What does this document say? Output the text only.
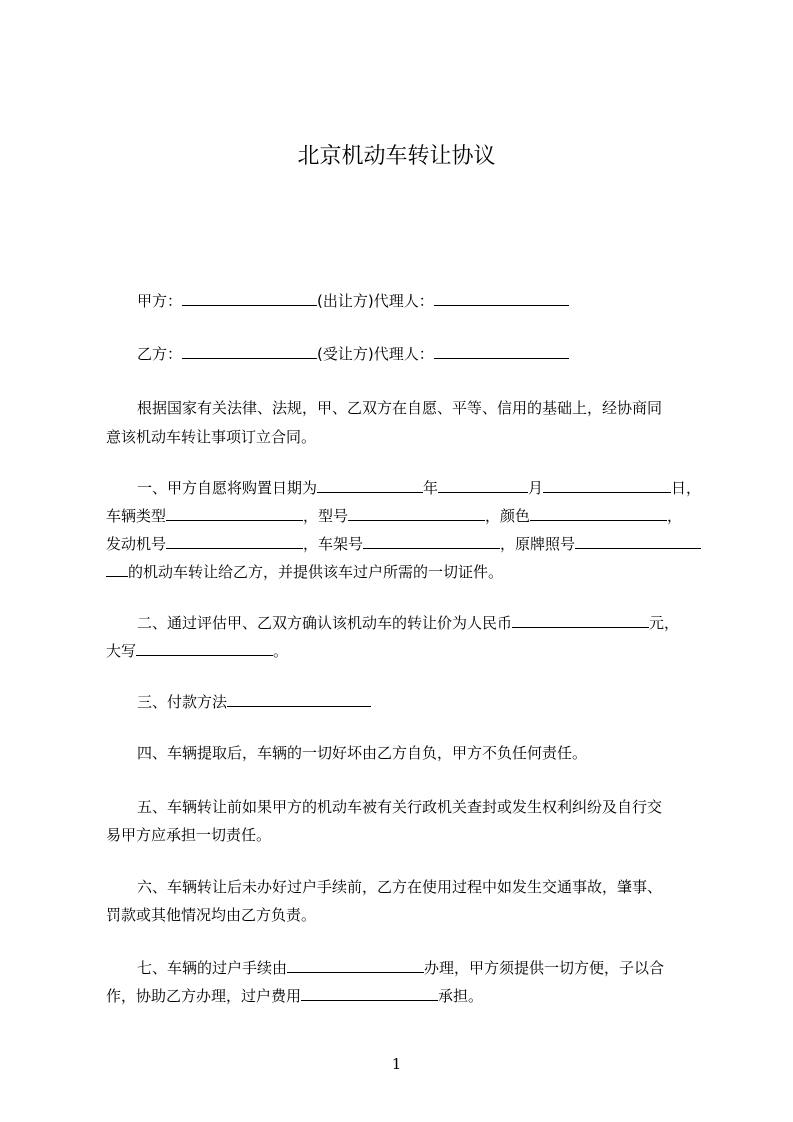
北京机动车转让协议
甲方：	(出让方)代理人：
乙方：	(受让方)代理人：
根据国家有关法律、法规，甲、乙双方在自愿、平等、信用的基础上，经协商同
意该机动车转让事项订立合同。
一、甲方自愿将购置日期为	年	月	日，
车辆类型	，型号	，颜色	，
发动机号	，车架号	，原牌照号
的机动车转让给乙方，并提供该车过户所需的一切证件。
二、通过评估甲、乙双方确认该机动车的转让价为人民币	元，
大写	。
三、付款方法
四、车辆提取后，车辆的一切好坏由乙方自负，甲方不负任何责任。
五、车辆转让前如果甲方的机动车被有关行政机关查封或发生权利纠纷及自行交
易甲方应承担一切责任。
六、车辆转让后未办好过户手续前，乙方在使用过程中如发生交通事故，肇事、
罚款或其他情况均由乙方负责。
七、车辆的过户手续由	办理，甲方须提供一切方便，子以合
作，协助乙方办理，过户费用	承担。
1
